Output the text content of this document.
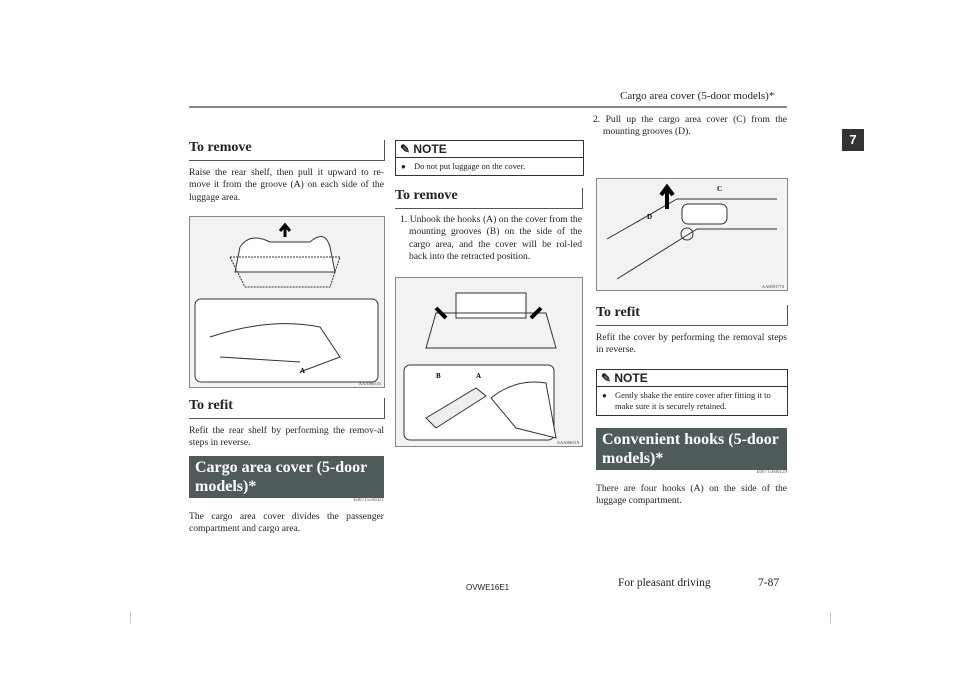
Cargo area cover (5-door models)*
7
To remove
Raise the rear shelf, then pull it upward to re-move it from the groove (A) on each side of the luggage area.
A
AA3006535
To refit
Refit the rear shelf by performing the remov-al steps in reverse.
Cargo area cover (5-door models)*
E00715500421
The cargo area cover divides the passenger compartment and cargo area.
✎ NOTE
● Do not put luggage on the cover.
To remove
1. Unhook the hooks (A) on the cover from the mounting grooves (B) on the side of the cargo area, and the cover will be rol-led back into the retracted position.
B	A
AA3006519
2. Pull up the cargo area cover (C) from the mounting grooves (D).
C
D
AA0091770
To refit
Refit the cover by performing the removal steps in reverse.
✎ NOTE
● Gently shake the entire cover after fitting it to make sure it is securely retained.
Convenient hooks (5-door models)*
E00715600129
There are four hooks (A) on the side of the luggage compartment.
OVWE16E1	For pleasant driving	7-87
